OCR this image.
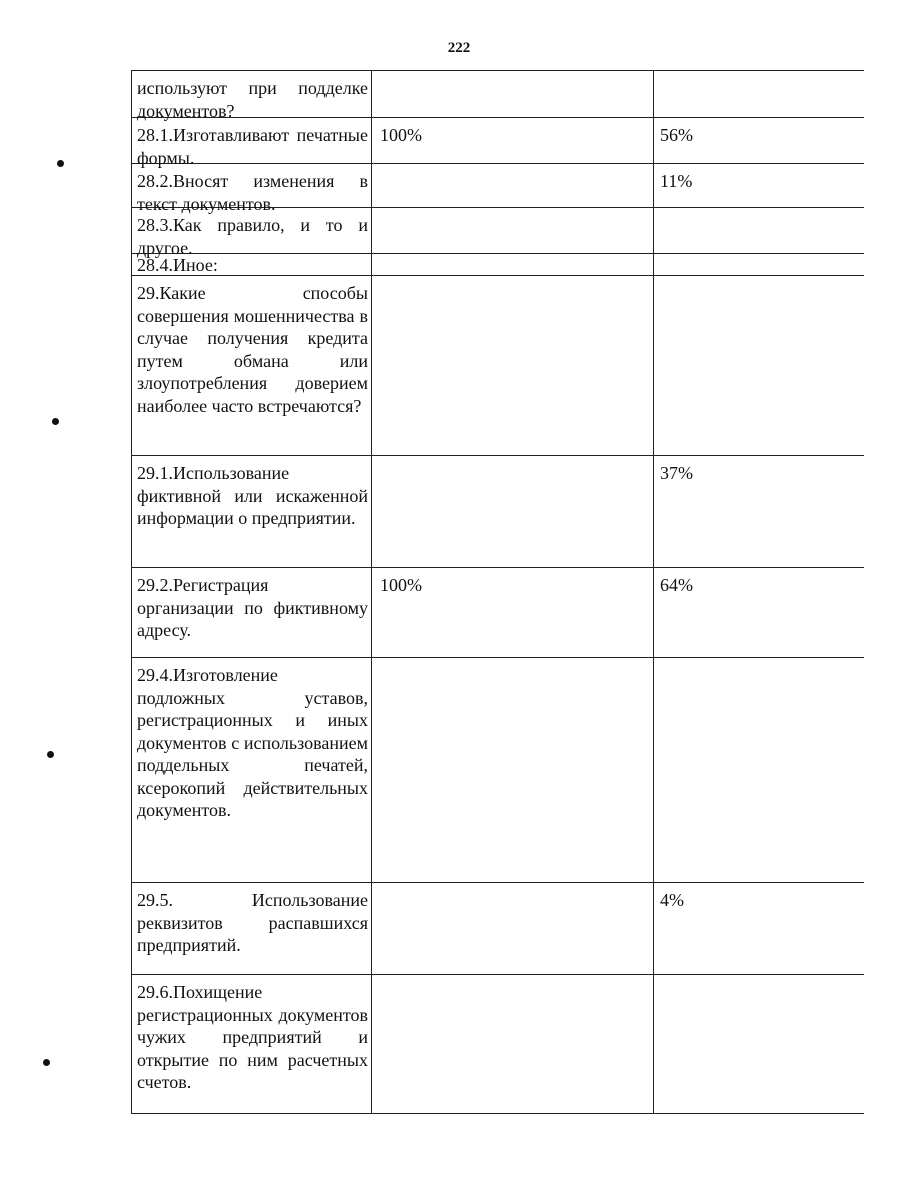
222
используют при подделке документов?
28.1.Изготавливают печатные формы.
100%	56%
28.2.Вносят изменения в текст документов.
11%
28.3.Как правило, и то и другое.
28.4.Иное:
29.Какие способы совершения мошенничества в случае получения кредита путем обмана или злоупотребления доверием наиболее часто встречаются?
29.1.Использование фиктивной или искаженной информации о предприятии.
37%
29.2.Регистрация организации по фиктивному адресу.
100%	64%
29.4.Изготовление подложных уставов, регистрационных и иных документов с использованием поддельных печатей, ксерокопий действительных документов.
29.5. Использование реквизитов распавшихся предприятий.
4%
29.6.Похищение регистрационных документов чужих предприятий и открытие по ним расчетных счетов.
